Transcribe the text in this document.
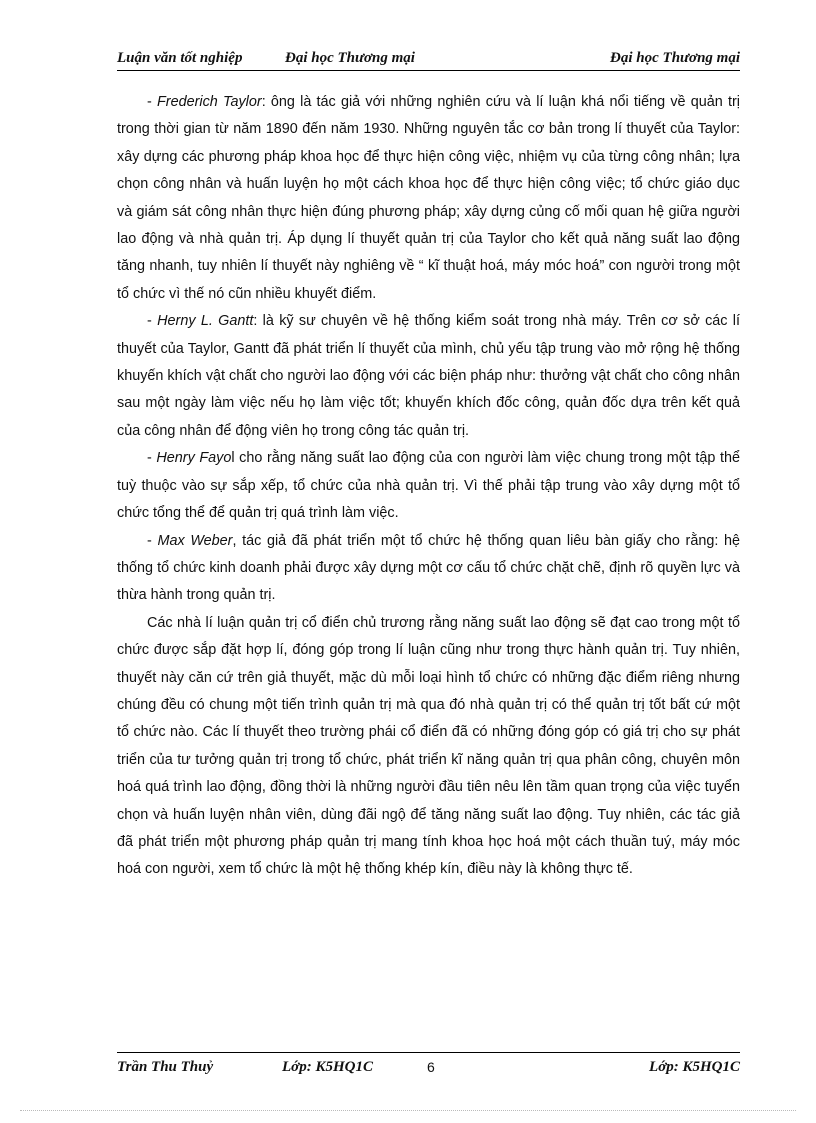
Luận văn tốt nghiệp	Đại học Thương mại	Đại học Thương mại

- Frederich Taylor: ông là tác giả với những nghiên cứu và lí luận khá nổi tiếng về quản trị trong thời gian từ năm 1890 đến năm 1930. Những nguyên tắc cơ bản trong lí thuyết của Taylor: xây dựng các phương pháp khoa học để thực hiện công việc, nhiệm vụ của từng công nhân; lựa chọn công nhân và huấn luyện họ một cách khoa học để thực hiện công việc; tổ chức giáo dục và giám sát công nhân thực hiện đúng phương pháp; xây dựng củng cố mối quan hệ giữa người lao động và nhà quản trị. Áp dụng lí thuyết quản trị của Taylor cho kết quả năng suất lao động tăng nhanh, tuy nhiên lí thuyết này nghiêng về “ kĩ thuật hoá, máy móc hoá” con người trong một tổ chức vì thế nó cũn nhiều khuyết điểm.

- Herny L. Gantt: là kỹ sư chuyên về hệ thống kiểm soát trong nhà máy. Trên cơ sở các lí thuyết của Taylor, Gantt đã phát triển lí thuyết của mình, chủ yếu tập trung vào mở rộng hệ thống khuyến khích vật chất cho người lao động với các biện pháp như: thưởng vật chất cho công nhân sau một ngày làm việc nếu họ làm việc tốt; khuyến khích đốc công, quản đốc dựa trên kết quả của công nhân để động viên họ trong công tác quản trị.

- Henry Fayol cho rằng năng suất lao động của con người làm việc chung trong một tập thể tuỳ thuộc vào sự sắp xếp, tổ chức của nhà quản trị. Vì thế phải tập trung vào xây dựng một tổ chức tổng thể để quản trị quá trình làm việc.

- Max Weber, tác giả đã phát triển một tổ chức hệ thống quan liêu bàn giấy cho rằng: hệ thống tổ chức kinh doanh phải được xây dựng một cơ cấu tổ chức chặt chẽ, định rõ quyền lực và thừa hành trong quản trị.

Các nhà lí luận quản trị cổ điển chủ trương rằng năng suất lao động sẽ đạt cao trong một tổ chức được sắp đặt hợp lí, đóng góp trong lí luận cũng như trong thực hành quản trị. Tuy nhiên, thuyết này căn cứ trên giả thuyết, mặc dù mỗi loại hình tổ chức có những đặc điểm riêng nhưng chúng đều có chung một tiến trình quản trị mà qua đó nhà quản trị có thể quản trị tốt bất cứ một tổ chức nào. Các lí thuyết theo trường phái cổ điển đã có những đóng góp có giá trị cho sự phát triển của tư tưởng quản trị trong tổ chức, phát triển kĩ năng quản trị qua phân công, chuyên môn hoá quá trình lao động, đồng thời là những người đầu tiên nêu lên tầm quan trọng của việc tuyển chọn và huấn luyện nhân viên, dùng đãi ngộ để tăng năng suất lao động. Tuy nhiên, các tác giả đã phát triển một phương pháp quản trị mang tính khoa học hoá một cách thuần tuý, máy móc hoá con người, xem tổ chức là một hệ thống khép kín, điều này là không thực tế.

Trần Thu Thuỷ	Lớp: K5HQ1C	6	Lớp: K5HQ1C
